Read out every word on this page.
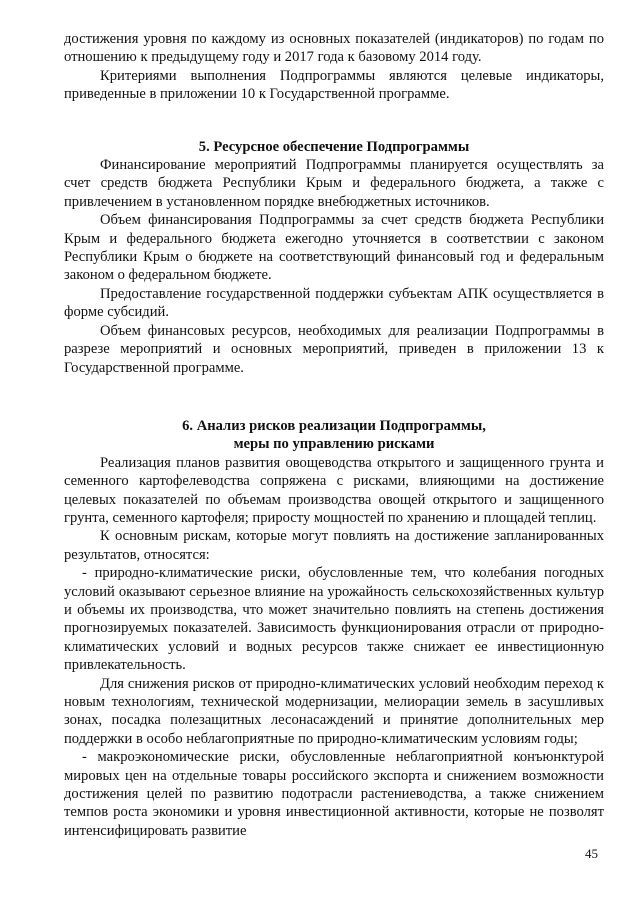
достижения уровня по каждому из основных показателей (индикаторов) по годам по отношению к предыдущему году и 2017 года к базовому 2014 году.

Критериями выполнения Подпрограммы являются целевые индикаторы, приведенные в приложении 10 к Государственной программе.

5. Ресурсное обеспечение Подпрограммы

Финансирование мероприятий Подпрограммы планируется осуществлять за счет средств бюджета Республики Крым и федерального бюджета, а также с привлечением в установленном порядке внебюджетных источников.

Объем финансирования Подпрограммы за счет средств бюджета Республики Крым и федерального бюджета ежегодно уточняется в соответствии с законом Республики Крым о бюджете на соответствующий финансовый год и федеральным законом о федеральном бюджете.

Предоставление государственной поддержки субъектам АПК осуществляется в форме субсидий.

Объем финансовых ресурсов, необходимых для реализации Подпрограммы в разрезе мероприятий и основных мероприятий, приведен в приложении 13 к Государственной программе.

6. Анализ рисков реализации Подпрограммы,

меры по управлению рисками

Реализация планов развития овощеводства открытого и защищенного грунта и семенного картофелеводства сопряжена с рисками, влияющими на достижение целевых показателей по объемам производства овощей открытого и защищенного грунта, семенного картофеля; приросту мощностей по хранению и площадей теплиц.

К основным рискам, которые могут повлиять на достижение запланированных результатов, относятся:

- природно-климатические риски, обусловленные тем, что колебания погодных условий оказывают серьезное влияние на урожайность сельскохозяйственных культур и объемы их производства, что может значительно повлиять на степень достижения прогнозируемых показателей. Зависимость функционирования отрасли от природно-климатических условий и водных ресурсов также снижает ее инвестиционную привлекательность.

Для снижения рисков от природно-климатических условий необходим переход к новым технологиям, технической модернизации, мелиорации земель в засушливых зонах, посадка полезащитных лесонасаждений и принятие дополнительных мер поддержки в особо неблагоприятные по природно-климатическим условиям годы;

- макроэкономические риски, обусловленные неблагоприятной конъюнктурой мировых цен на отдельные товары российского экспорта и снижением возможности достижения целей по развитию подотрасли растениеводства, а также снижением темпов роста экономики и уровня инвестиционной активности, которые не позволят интенсифицировать развитие

45
